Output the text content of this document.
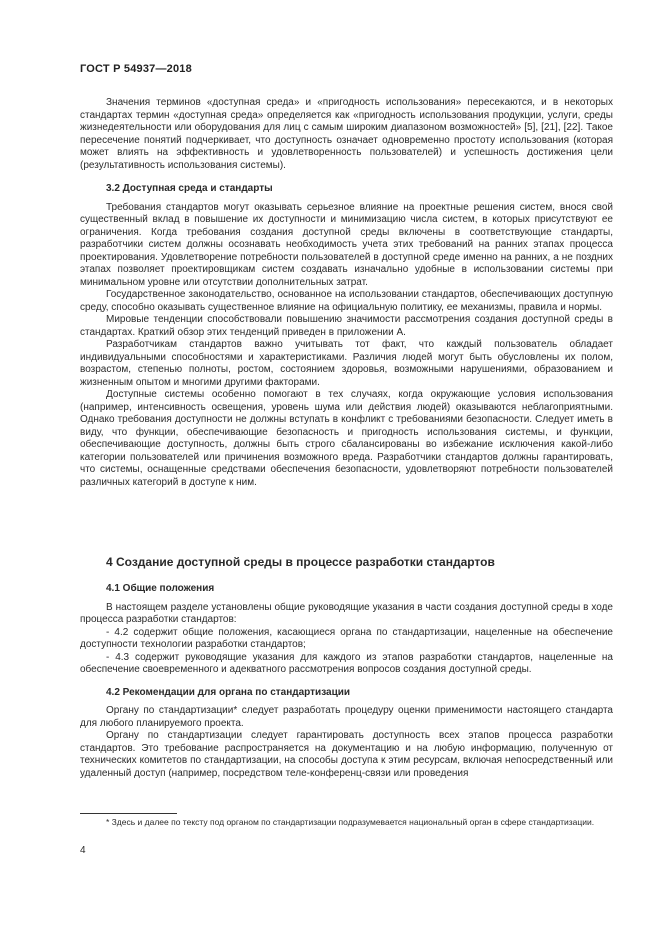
ГОСТ Р 54937—2018

Значения терминов «доступная среда» и «пригодность использования» пересекаются, и в некоторых стандартах термин «доступная среда» определяется как «пригодность использования продукции, услуги, среды жизнедеятельности или оборудования для лиц с самым широким диапазоном возможностей» [5], [21], [22]. Такое пересечение понятий подчеркивает, что доступность означает одновременно простоту использования (которая может влиять на эффективность и удовлетворенность пользователей) и успешность достижения цели (результативность использования системы).

3.2 Доступная среда и стандарты

Требования стандартов могут оказывать серьезное влияние на проектные решения систем, внося свой существенный вклад в повышение их доступности и минимизацию числа систем, в которых присутствуют ее ограничения. Когда требования создания доступной среды включены в соответствующие стандарты, разработчики систем должны осознавать необходимость учета этих требований на ранних этапах процесса проектирования. Удовлетворение потребности пользователей в доступной среде именно на ранних, а не поздних этапах позволяет проектировщикам систем создавать изначально удобные в использовании системы при минимальном уровне или отсутствии дополнительных затрат.

Государственное законодательство, основанное на использовании стандартов, обеспечивающих доступную среду, способно оказывать существенное влияние на официальную политику, ее механизмы, правила и нормы.

Мировые тенденции способствовали повышению значимости рассмотрения создания доступной среды в стандартах. Краткий обзор этих тенденций приведен в приложении А.

Разработчикам стандартов важно учитывать тот факт, что каждый пользователь обладает индивидуальными способностями и характеристиками. Различия людей могут быть обусловлены их полом, возрастом, степенью полноты, ростом, состоянием здоровья, возможными нарушениями, образованием и жизненным опытом и многими другими факторами.

Доступные системы особенно помогают в тех случаях, когда окружающие условия использования (например, интенсивность освещения, уровень шума или действия людей) оказываются неблагоприятными. Однако требования доступности не должны вступать в конфликт с требованиями безопасности. Следует иметь в виду, что функции, обеспечивающие безопасность и пригодность использования системы, и функции, обеспечивающие доступность, должны быть строго сбалансированы во избежание исключения какой-либо категории пользователей или причинения возможного вреда. Разработчики стандартов должны гарантировать, что системы, оснащенные средствами обеспечения безопасности, удовлетворяют потребности пользователей различных категорий в доступе к ним.

4 Создание доступной среды в процессе разработки стандартов
4.1 Общие положения

В настоящем разделе установлены общие руководящие указания в части создания доступной среды в ходе процесса разработки стандартов:

- 4.2 содержит общие положения, касающиеся органа по стандартизации, нацеленные на обеспечение доступности технологии разработки стандартов;

- 4.3 содержит руководящие указания для каждого из этапов разработки стандартов, нацеленные на обеспечение своевременного и адекватного рассмотрения вопросов создания доступной среды.

4.2 Рекомендации для органа по стандартизации

Органу по стандартизации* следует разработать процедуру оценки применимости настоящего стандарта для любого планируемого проекта.

Органу по стандартизации следует гарантировать доступность всех этапов процесса разработки стандартов. Это требование распространяется на документацию и на любую информацию, полученную от технических комитетов по стандартизации, на способы доступа к этим ресурсам, включая непосредственный или удаленный доступ (например, посредством теле-конференц-связи или проведения

* Здесь и далее по тексту под органом по стандартизации подразумевается национальный орган в сфере стандартизации.

4
